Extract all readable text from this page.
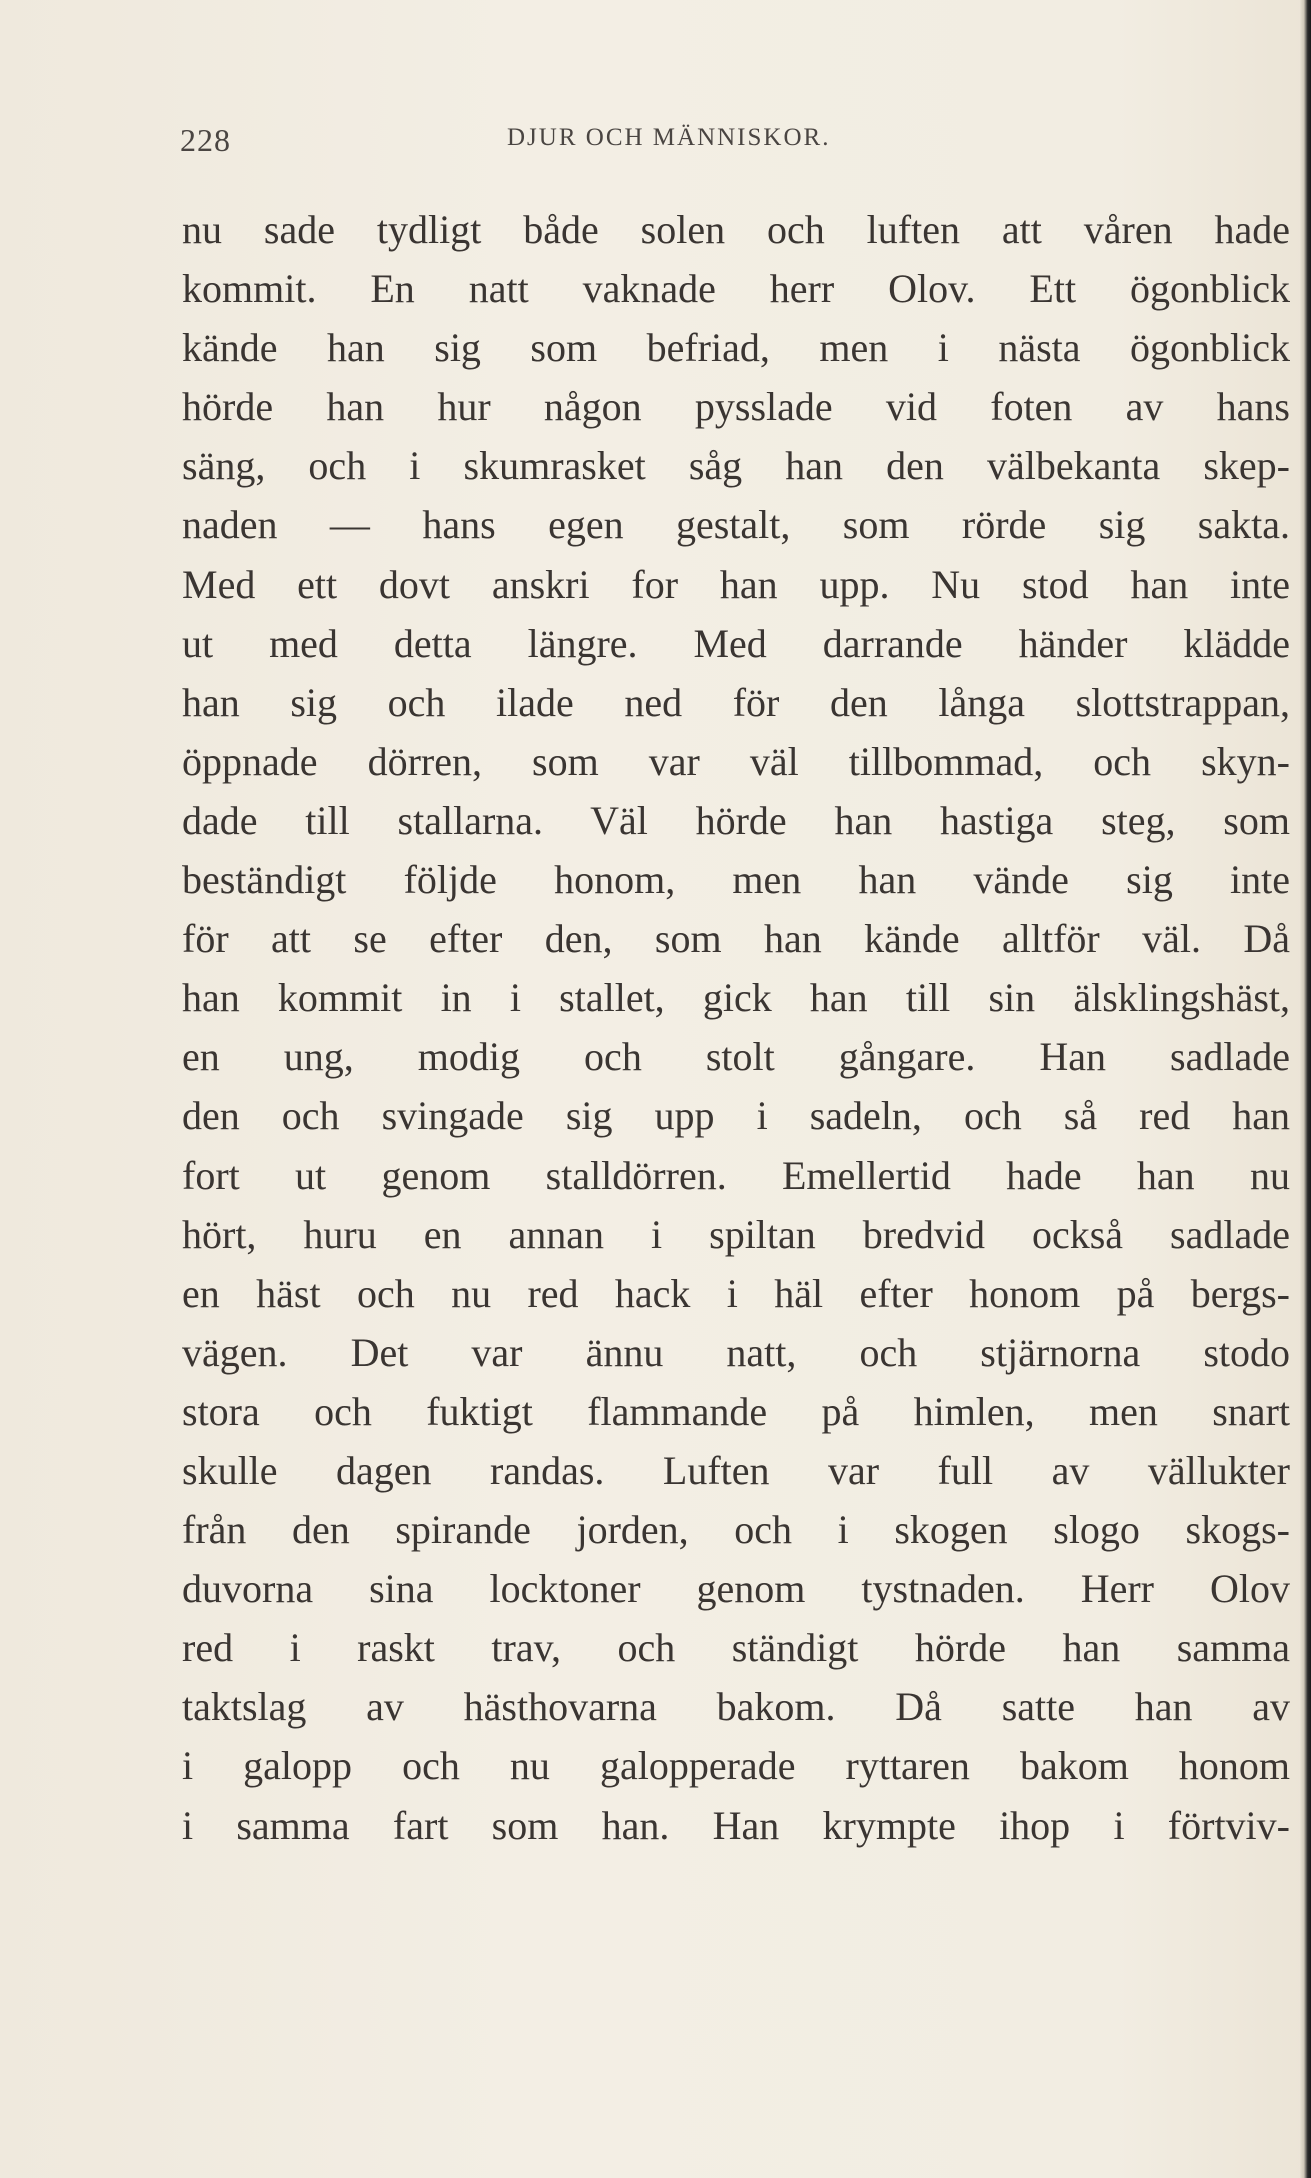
228	DJUR OCH MÄNNISKOR.
nu sade tydligt både solen och luften att våren hade
kommit. En natt vaknade herr Olov. Ett ögonblick
kände han sig som befriad, men i nästa ögonblick
hörde han hur någon pysslade vid foten av hans
säng, och i skumrasket såg han den välbekanta skep-
naden — hans egen gestalt, som rörde sig sakta.
Med ett dovt anskri for han upp. Nu stod han inte
ut med detta längre. Med darrande händer klädde
han sig och ilade ned för den långa slottstrappan,
öppnade dörren, som var väl tillbommad, och skyn-
dade till stallarna. Väl hörde han hastiga steg, som
beständigt följde honom, men han vände sig inte
för att se efter den, som han kände alltför väl. Då
han kommit in i stallet, gick han till sin älsklingshäst,
en ung, modig och stolt gångare. Han sadlade
den och svingade sig upp i sadeln, och så red han
fort ut genom stalldörren. Emellertid hade han nu
hört, huru en annan i spiltan bredvid också sadlade
en häst och nu red hack i häl efter honom på bergs-
vägen. Det var ännu natt, och stjärnorna stodo
stora och fuktigt flammande på himlen, men snart
skulle dagen randas. Luften var full av vällukter
från den spirande jorden, och i skogen slogo skogs-
duvorna sina locktoner genom tystnaden. Herr Olov
red i raskt trav, och ständigt hörde han samma
taktslag av hästhovarna bakom. Då satte han av
i galopp och nu galopperade ryttaren bakom honom
i samma fart som han. Han krympte ihop i förtviv-
